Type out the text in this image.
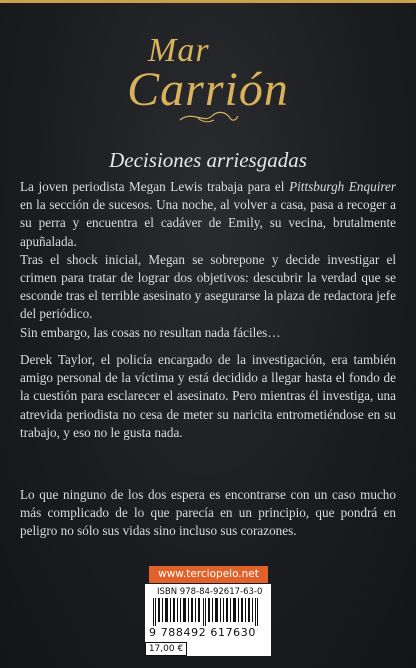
Mar
Carrión
Decisiones arriesgadas

La joven periodista Megan Lewis trabaja para el Pittsburgh Enquirer en la sección de sucesos. Una noche, al volver a casa, pasa a recoger a su perra y encuentra el cadáver de Emily, su vecina, brutalmente apuñalada.

Tras el shock inicial, Megan se sobrepone y decide investigar el crimen para tratar de lograr dos objetivos: descubrir la verdad que se esconde tras el terrible asesinato y asegurarse la plaza de redactora jefe del periódico.

Sin embargo, las cosas no resultan nada fáciles…

Derek Taylor, el policía encargado de la investigación, era también amigo personal de la víctima y está decidido a llegar hasta el fondo de la cuestión para esclarecer el asesinato. Pero mientras él investiga, una atrevida periodista no cesa de meter su naricita entrometiéndose en su trabajo, y eso no le gusta nada.

Lo que ninguno de los dos espera es encontrarse con un caso mucho más complicado de lo que parecía en un principio, que pondrá en peligro no sólo sus vidas sino incluso sus corazones.

www.terciopelo.net
ISBN 978-84-92617-63-0
9 788492 617630
17,00 €
